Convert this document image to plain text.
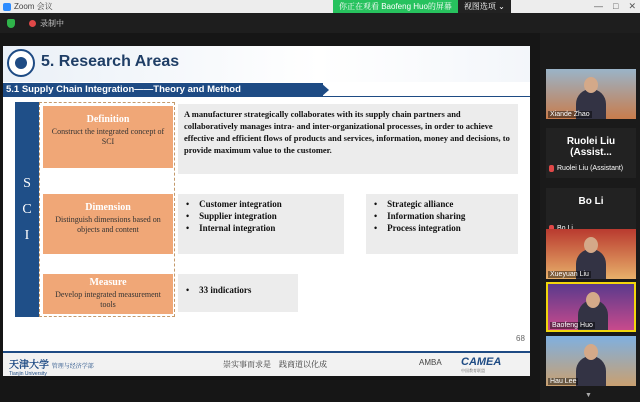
Zoom 会议	你正在观看 Baofeng Huo的屏幕	视图选项 ⌄	— □ ✕
录制中
5. Research Areas
5.1 Supply Chain Integration——Theory and Method
S
C
I
Definition
Construct the integrated concept of SCI
Dimension
Distinguish dimensions based on objects and content
Measure
Develop integrated measurement tools
A manufacturer strategically collaborates with its supply chain partners and collaboratively manages intra- and inter-organizational processes, in order to achieve effective and efficient flows of products and services, information, money and decisions, to provide maximum value to the customer.
• Customer integration
• Supplier integration
• Internal integration
• Strategic alliance
• Information sharing
• Process integration
• 33 indicatiors
68
天津大学 管理与经济学部
Tianjin University
崇实事而求是　践商道以化成	AMBA CAMEA
中国教育联盟
Xiande Zhao
Ruolei Liu (Assist...
Ruolei Liu (Assistant)
Bo Li
Xueyuan Liu
Baofeng Huo
Hau Lee
▼
